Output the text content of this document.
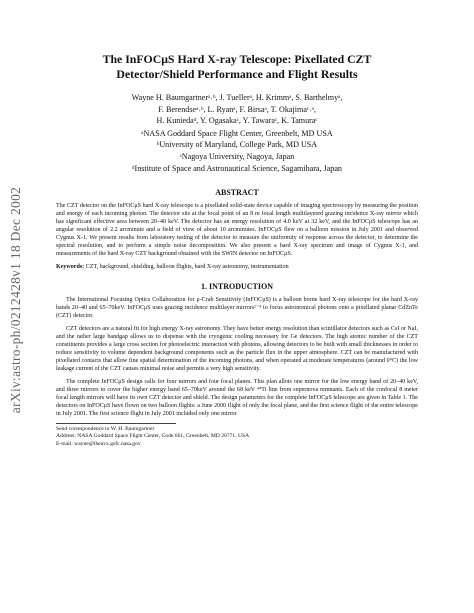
arXiv:astro-ph/0212428v1 18 Dec 2002
The InFOCμS Hard X-ray Telescope: Pixellated CZT
Detector/Shield Performance and Flight Results
Wayne H. Baumgartnerᵃ˒ᵇ, J. Tuellerᵃ, H. Krimmᵃ, S. Barthelmyᵃ,
F. Berendseᵃ˒ᵇ, L. Ryanᵃ, F. Birsaᵃ, T. Okajimaᶜ˒ᵃ,
H. Kuniedaᵈ, Y. Ogasakaᶜ, Y. Tawaraᶜ, K. Tamuraᶜ
ᵃNASA Goddard Space Flight Center, Greenbelt, MD USA
ᵇUniversity of Maryland, College Park, MD USA
ᶜNagoya University, Nagoya, Japan
ᵈInstitute of Space and Astronautical Science, Sagamihara, Japan
ABSTRACT

The CZT detector on the InFOCμS hard X-ray telescope is a pixellated solid-state device capable of imaging spectroscopy by measuring the position and energy of each incoming photon. The detector sits at the focal point of an 8 m focal length multilayered grazing incidence X-ray mirror which has significant effective area between 20–40 keV. The detector has an energy resolution of 4.0 keV at 32 keV, and the InFOCμS telescope has an angular resolution of 2.2 arcminute and a field of view of about 10 arcminutes. InFOCμS flew on a balloon mission in July 2001 and observed Cygnus X-1. We present results from laboratory testing of the detector to measure the uniformity of response across the detector, to determine the spectral resolution, and to perform a simple noise decomposition. We also present a hard X-ray spectrum and image of Cygnus X-1, and measurements of the hard X-ray CZT background obtained with the SWIN detector on InFOCμS.

Keywords: CZT, background, shielding, balloon flights, hard X-ray astronomy, instrumentation
1. INTRODUCTION

The International Focusing Optics Collaboration for μ-Crab Sensitivity (InFOCμS) is a balloon borne hard X-ray telescope for the hard X-ray bands 20–40 and 65–70keV. InFOCμS uses grazing incidence multilayer mirrors¹⁻⁴ to focus astronomical photons onto a pixellated planar CdZnTe (CZT) detector.

CZT detectors are a natural fit for high energy X-ray astronomy. They have better energy resolution than scintillator detectors such as CsI or NaI, and the rather large bandgap allows us to dispense with the cryogenic cooling necessary for Ge detectors. The high atomic number of the CZT constituents provides a large cross section for photoelectric interaction with photons, allowing detectors to be built with small thicknesses in order to reduce sensitivity to volume dependent background components such as the particle flux in the upper atmosphere. CZT can be manufactured with pixellated contacts that allow fine spatial determination of the incoming photons, and when operated at moderate temperatures (around 0°C) the low leakage current of the CZT causes minimal noise and permits a very high sensitivity.

The complete InFOCμS design calls for four mirrors and four focal planes. This plan allots one mirror for the low energy band of 20–40 keV, and three mirrors to cover the higher energy band 65–70keV around the 68 keV ⁴⁴Ti line from supernova remnants. Each of the confocal 8 meter focal length mirrors will have its own CZT detector and shield. The design parameters for the complete InFOCμS telescope are given in Table 1. The detectors on InFOCμS have flown on two balloon flights: a June 2000 flight of only the focal plane, and the first science flight of the entire telescope in July 2001. The first science flight in July 2001 included only one mirror

Send correspondence to W. H. Baumgartner
Address: NASA Goddard Space Flight Center, Code 661, Greenbelt, MD 20771, USA
E-mail: wayne@lheavx.gsfc.nasa.gov
